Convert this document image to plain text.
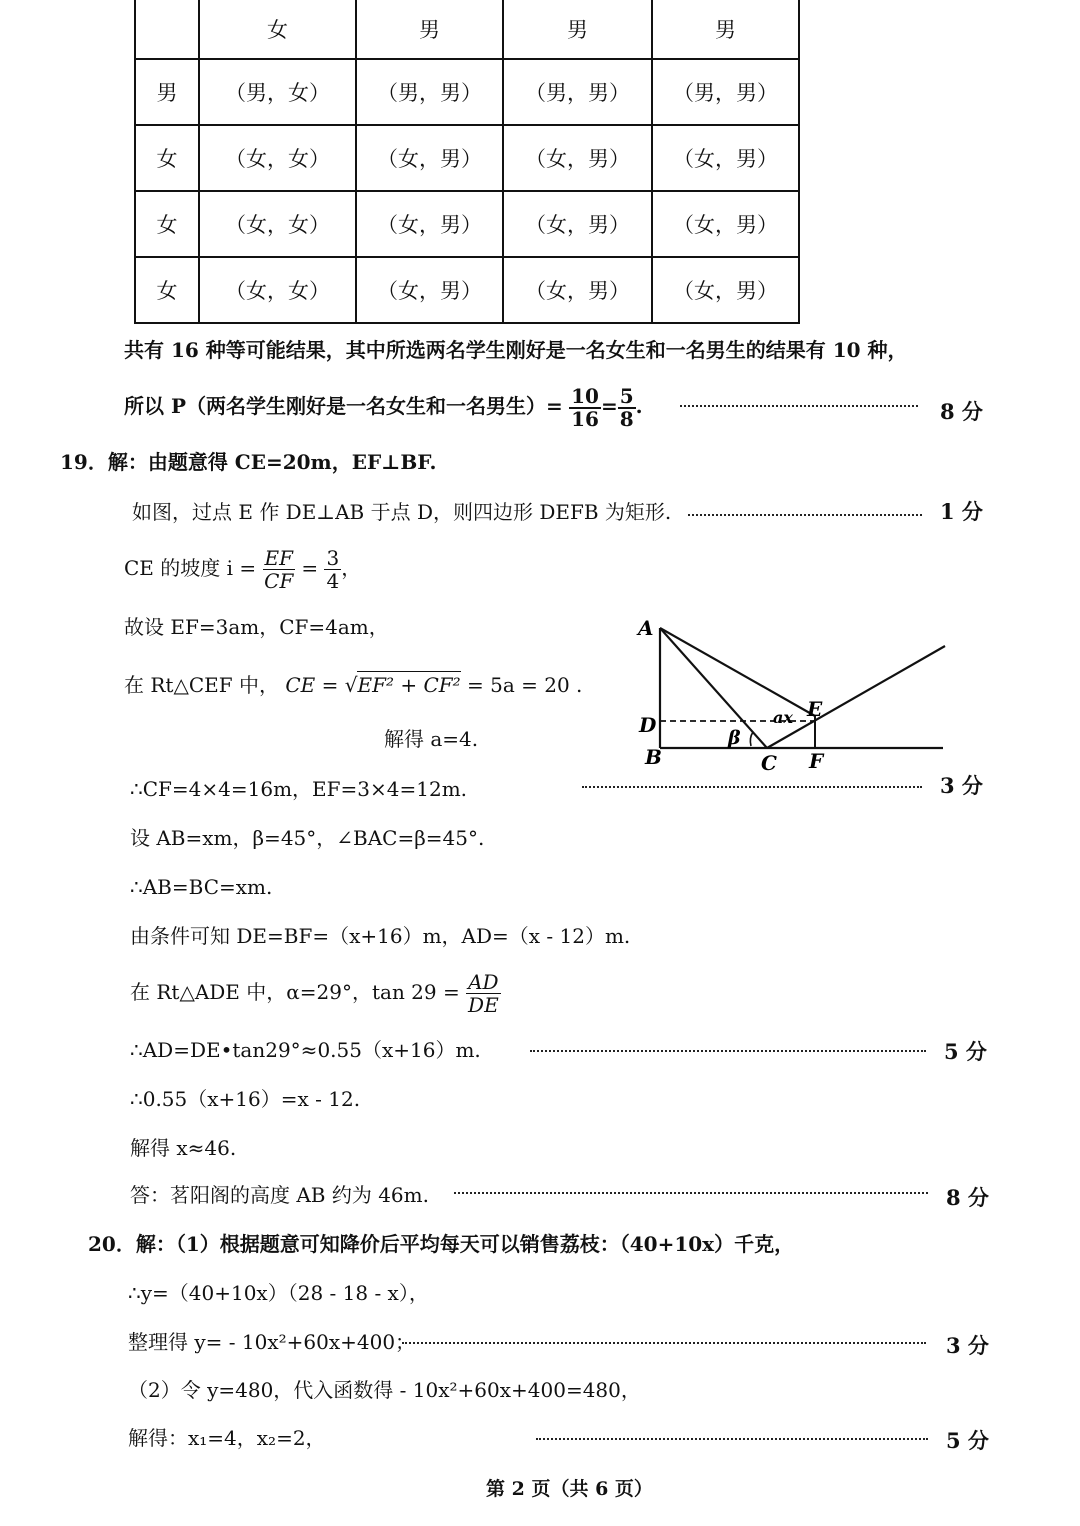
	女	男	男	男
男	（男，女）	（男，男）	（男，男）	（男，男）
女	（女，女）	（女，男）	（女，男）	（女，男）
女	（女，女）	（女，男）	（女，男）	（女，男）
女	（女，女）	（女，男）	（女，男）	（女，男）
共有 16 种等可能结果，其中所选两名学生刚好是一名女生和一名男生的结果有 10 种，
所以 P（两名学生刚好是一名女生和一名男生）= $\frac{10}{16} = \frac{5}{8}$ .	8 分
19．解：由题意得 CE=20m，EF⊥BF.
如图，过点 E 作 DE⊥AB 于点 D，则四边形 DEFB 为矩形.	1 分
CE 的坡度 $i = \frac{EF}{CF} = \frac{3}{4}$ ，
故设 EF=3am，CF=4am，
在 Rt△CEF 中， CE = √EF² + CF² = 5a = 20 .
解得 a=4.
∴CF=4×4=16m，EF=3×4=12m.	3 分
设 AB=xm，β=45°，∠BAC=β=45°.
∴AB=BC=xm.
由条件可知 DE=BF=（x+16）m，AD=（x - 12）m.
在 Rt△ADE 中，α=29°，$\tan 29 = \frac{AD}{DE}$
∴AD=DE•tan29°≈0.55（x+16）m.	5 分
∴0.55（x+16）=x - 12.
解得 x≈46.
答：茗阳阁的高度 AB 约为 46m.	8 分
A
D
B	C F
E
β
ax
20．解：（1）根据题意可知降价后平均每天可以销售荔枝：（40+10x）千克，
∴y=（40+10x）（28 - 18 - x），
整理得 y= - 10x²+60x+400；	3 分
（2）令 y=480，代入函数得 - 10x²+60x+400=480，
解得：x₁=4，x₂=2，	5 分
第 2 页（共 6 页）
